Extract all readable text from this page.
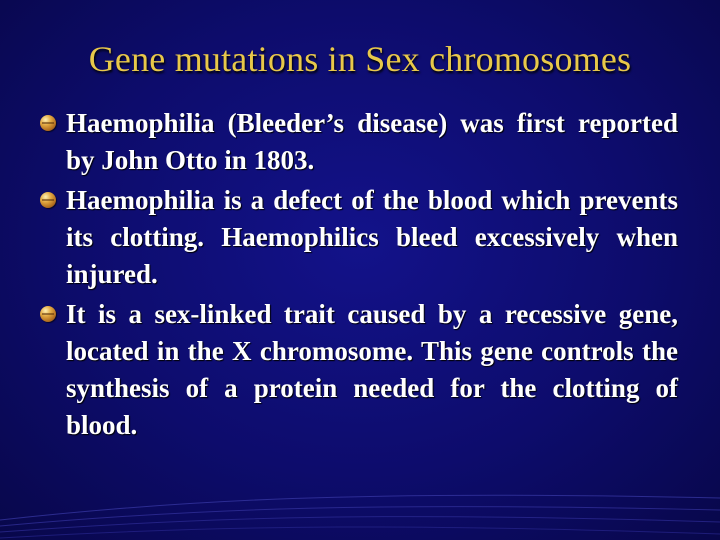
Gene mutations in Sex chromosomes
Haemophilia (Bleeder’s disease) was first reported by John Otto in 1803.
Haemophilia is a defect of the blood which prevents its clotting. Haemophilics bleed excessively when injured.
It is a sex-linked trait caused by a recessive gene, located in the X chromosome. This gene controls the synthesis of a protein needed for the clotting of blood.
